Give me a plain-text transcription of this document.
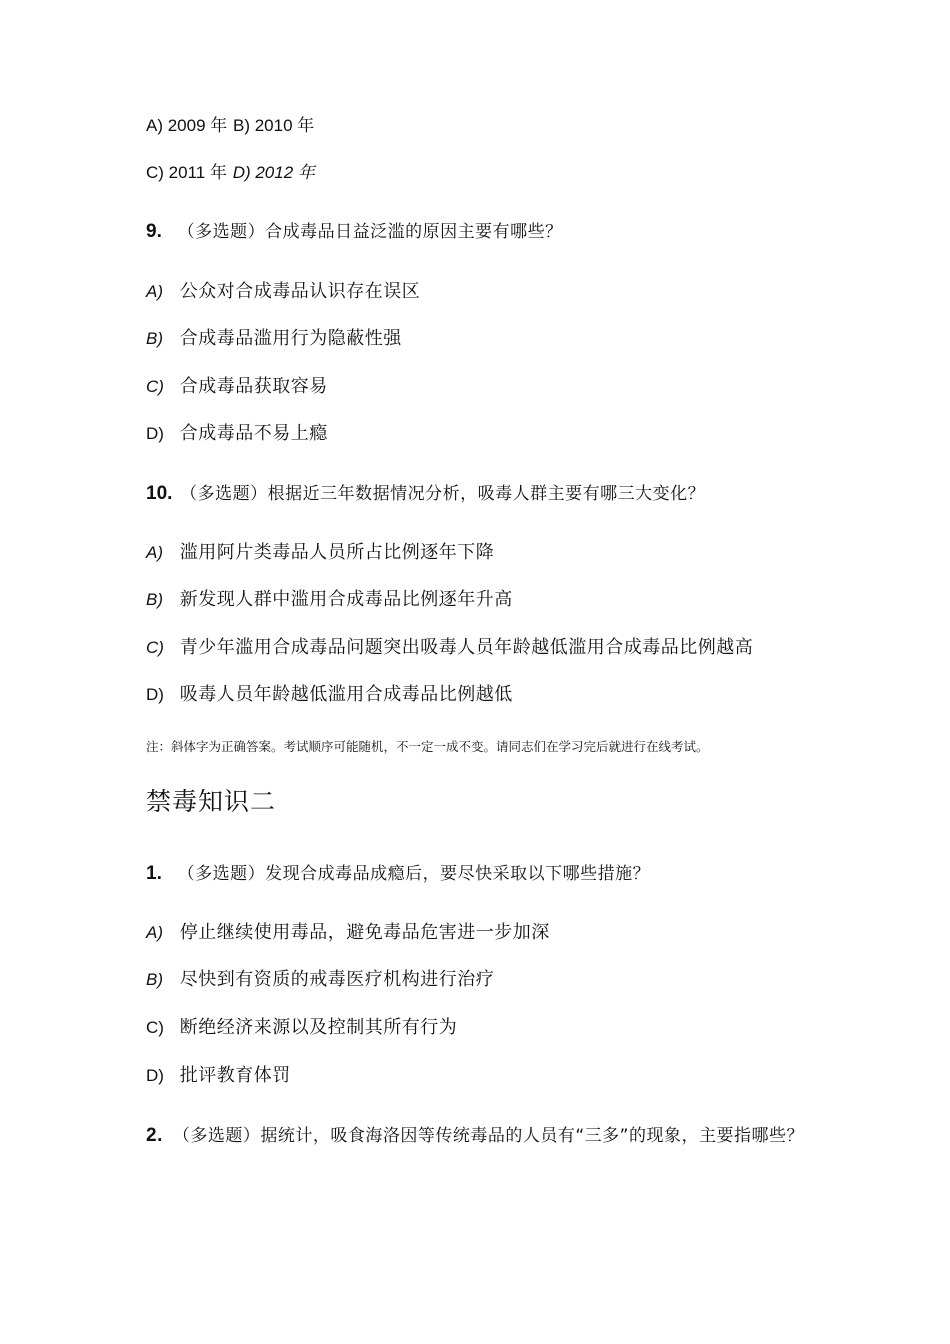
A) 2009 年 B) 2010 年
C) 2011 年 D) 2012 年
9. （多选题）合成毒品日益泛滥的原因主要有哪些？
A) 公众对合成毒品认识存在误区
B) 合成毒品滥用行为隐蔽性强
C) 合成毒品获取容易
D) 合成毒品不易上瘾
10. （多选题）根据近三年数据情况分析，吸毒人群主要有哪三大变化？
A) 滥用阿片类毒品人员所占比例逐年下降
B) 新发现人群中滥用合成毒品比例逐年升高
C) 青少年滥用合成毒品问题突出吸毒人员年龄越低滥用合成毒品比例越高
D) 吸毒人员年龄越低滥用合成毒品比例越低
注：斜体字为正确答案。考试顺序可能随机，不一定一成不变。请同志们在学习完后就进行在线考试。
禁毒知识二
1. （多选题）发现合成毒品成瘾后，要尽快采取以下哪些措施？
A) 停止继续使用毒品，避免毒品危害进一步加深
B) 尽快到有资质的戒毒医疗机构进行治疗
C) 断绝经济来源以及控制其所有行为
D) 批评教育体罚
2. （多选题）据统计，吸食海洛因等传统毒品的人员有“三多”的现象，主要指哪些？
